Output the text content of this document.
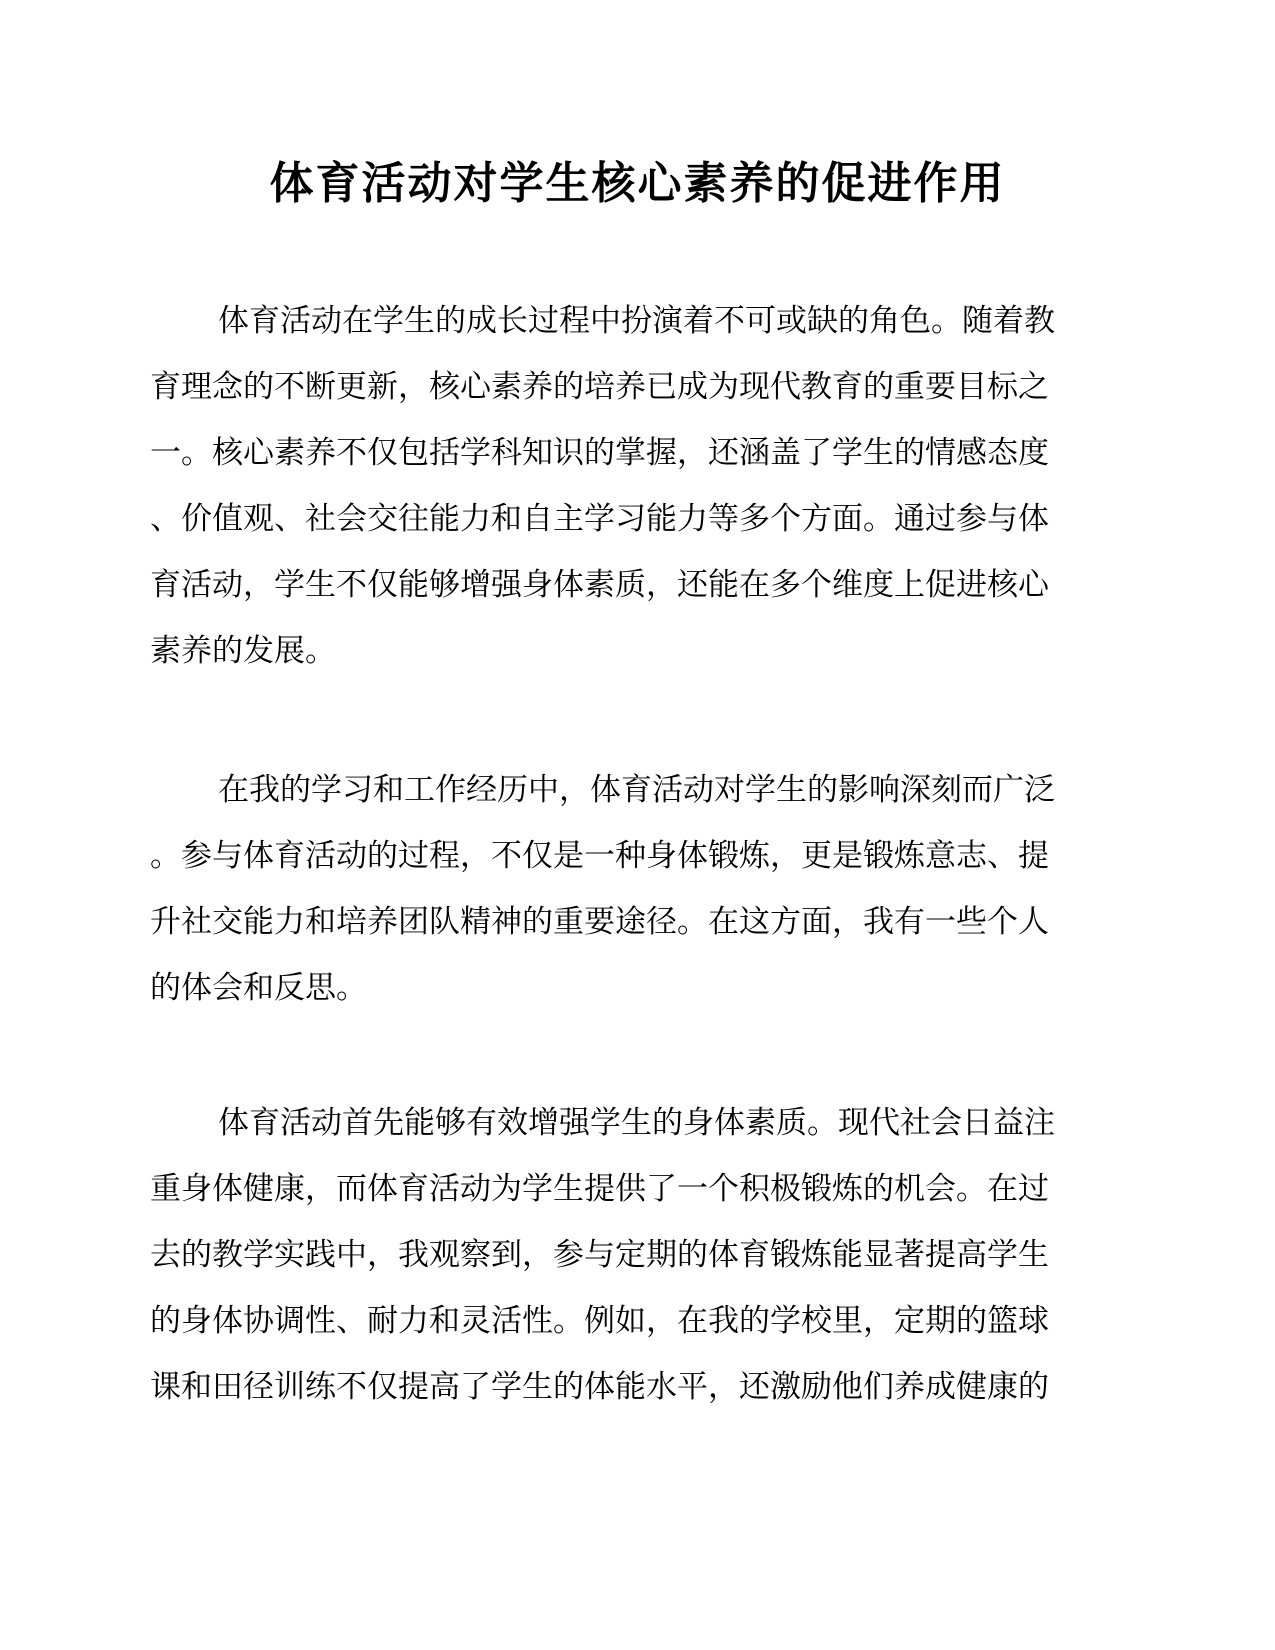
体育活动对学生核心素养的促进作用
体育活动在学生的成长过程中扮演着不可或缺的角色。随着教
育理念的不断更新，核心素养的培养已成为现代教育的重要目标之
一。核心素养不仅包括学科知识的掌握，还涵盖了学生的情感态度
、价值观、社会交往能力和自主学习能力等多个方面。通过参与体
育活动，学生不仅能够增强身体素质，还能在多个维度上促进核心
素养的发展。
在我的学习和工作经历中，体育活动对学生的影响深刻而广泛
。参与体育活动的过程，不仅是一种身体锻炼，更是锻炼意志、提
升社交能力和培养团队精神的重要途径。在这方面，我有一些个人
的体会和反思。
体育活动首先能够有效增强学生的身体素质。现代社会日益注
重身体健康，而体育活动为学生提供了一个积极锻炼的机会。在过
去的教学实践中，我观察到，参与定期的体育锻炼能显著提高学生
的身体协调性、耐力和灵活性。例如，在我的学校里，定期的篮球
课和田径训练不仅提高了学生的体能水平，还激励他们养成健康的
